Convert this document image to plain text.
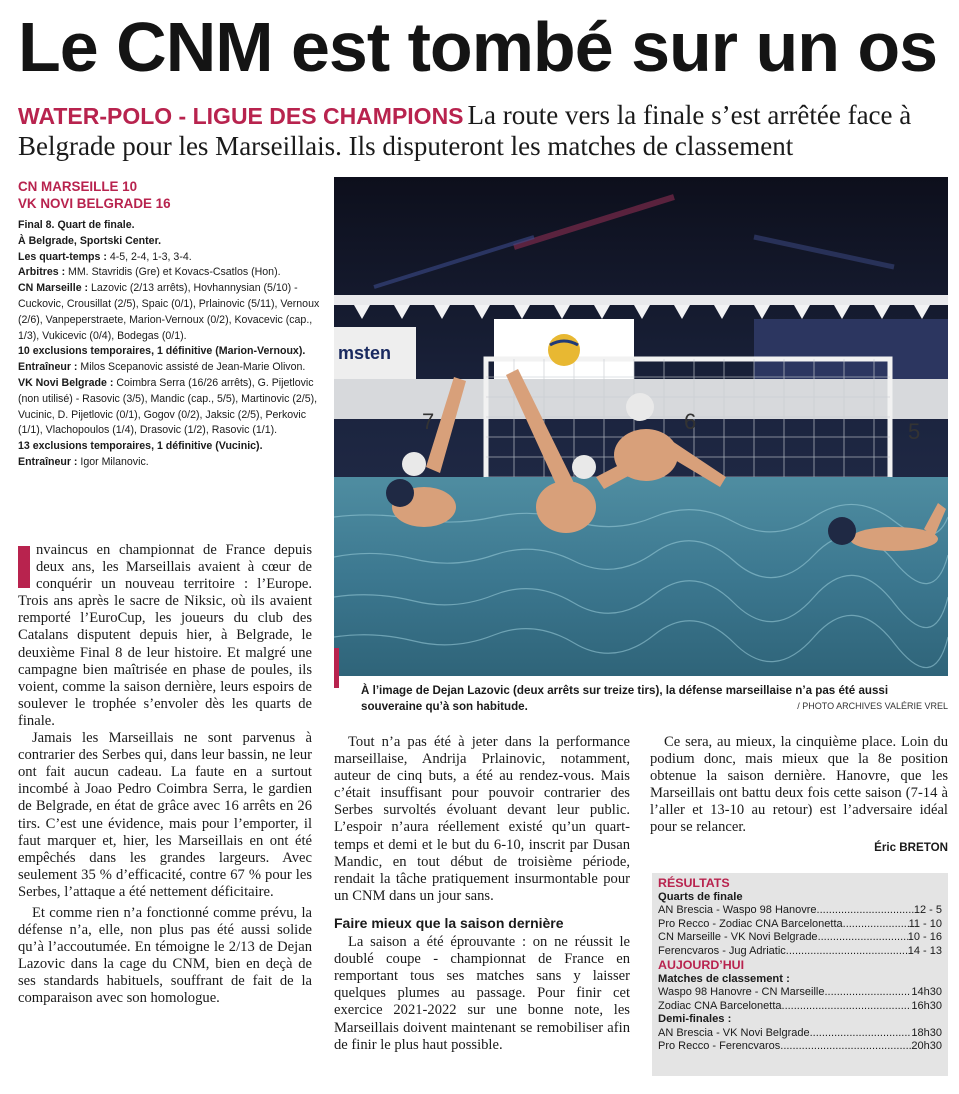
Le CNM est tombé sur un os
WATER-POLO - LIGUE DES CHAMPIONS La route vers la finale s’est arrêtée face à Belgrade pour les Marseillais. Ils disputeront les matches de classement
CN MARSEILLE 10
VK NOVI BELGRADE 16

Final 8. Quart de finale.

À Belgrade, Sportski Center.

Les quart-temps : 4-5, 2-4, 1-3, 3-4.

Arbitres : MM. Stavridis (Gre) et Kovacs-Csatlos (Hon).

CN Marseille : Lazovic (2/13 arrêts), Hovhannysian (5/10) - Cuckovic, Crousillat (2/5), Spaic (0/1), Prlainovic (5/11), Vernoux (2/6), Vanpeperstraete, Marion-Vernoux (0/2), Kovacevic (cap., 1/3), Vukicevic (0/4), Bodegas (0/1).

10 exclusions temporaires, 1 définitive (Marion-Vernoux).

Entraîneur : Milos Scepanovic assisté de Jean-Marie Olivon.

VK Novi Belgrade : Coimbra Serra (16/26 arrêts), G. Pijetlovic (non utilisé) - Rasovic (3/5), Mandic (cap., 5/5), Martinovic (2/5), Vucinic, D. Pijetlovic (0/1), Gogov (0/2), Jaksic (2/5), Perkovic (1/1), Vlachopoulos (1/4), Drasovic (1/2), Rasovic (1/1).

13 exclusions temporaires, 1 définitive (Vucinic).

Entraîneur : Igor Milanovic.

msten
7	6	5
À l’image de Dejan Lazovic (deux arrêts sur treize tirs), la défense marseillaise n’a pas été aussi souveraine qu’à son habitude.	/ PHOTO ARCHIVES VALÉRIE VREL

nvaincus en championnat de France depuis deux ans, les Marseillais avaient à cœur de conquérir un nouveau territoire : l’Europe. Trois ans après le sacre de Niksic, où ils avaient remporté l’EuroCup, les joueurs du club des Catalans disputent depuis hier, à Belgrade, le deuxième Final 8 de leur histoire. Et malgré une campagne bien maîtrisée en phase de poules, ils voient, comme la saison dernière, leurs espoirs de soulever le trophée s’envoler dès les quarts de finale.

Jamais les Marseillais ne sont parvenus à contrarier des Serbes qui, dans leur bassin, ne leur ont fait aucun cadeau. La faute en a surtout incombé à Joao Pedro Coimbra Serra, le gardien de Belgrade, en état de grâce avec 16 arrêts en 26 tirs. C’est une évidence, mais pour l’emporter, il faut marquer et, hier, les Marseillais en ont été empêchés dans les grandes largeurs. Avec seulement 35 % d’efficacité, contre 67 % pour les Serbes, l’attaque a été nettement déficitaire.

Et comme rien n’a fonctionné comme prévu, la défense n’a, elle, non plus pas été aussi solide qu’à l’accoutumée. En témoigne le 2/13 de Dejan Lazovic dans la cage du CNM, bien en deçà de ses standards habituels, souffrant de fait de la comparaison avec son homologue.

Tout n’a pas été à jeter dans la performance marseillaise, Andrija Prlainovic, notamment, auteur de cinq buts, a été au rendez-vous. Mais c’était insuffisant pour pouvoir contrarier des Serbes survoltés évoluant devant leur public. L’espoir n’aura réellement existé qu’un quart-temps et demi et le but du 6-10, inscrit par Dusan Mandic, en tout début de troisième période, rendait la tâche pratiquement insurmontable pour un CNM dans un jour sans.

Faire mieux que la saison dernière

La saison a été éprouvante : on ne réussit le doublé coupe - championnat de France en remportant tous ses matches sans y laisser quelques plumes au passage. Pour finir cet exercice 2021-2022 sur une bonne note, les Marseillais doivent maintenant se remobiliser afin de finir le plus haut possible.

Ce sera, au mieux, la cinquième place. Loin du podium donc, mais mieux que la 8e position obtenue la saison dernière. Hanovre, que les Marseillais ont battu deux fois cette saison (7-14 à l’aller et 13-10 au retour) est l’adversaire idéal pour se relancer.

Éric BRETON
RÉSULTATS
Quarts de finale
AN Brescia - Waspo 98 Hanovre .....	12 - 5
Pro Recco - Zodiac CNA Barcelonetta .....	11 - 10
CN Marseille - VK Novi Belgrade .....	10 - 16
Ferencvaros - Jug Adriatic .....	14 - 13
AUJOURD’HUI
Matches de classement :
Waspo 98 Hanovre - CN Marseille .....	14h30
Zodiac CNA Barcelonetta .....	16h30
Demi-finales :
AN Brescia - VK Novi Belgrade .....	18h30
Pro Recco - Ferencvaros .....	20h30
